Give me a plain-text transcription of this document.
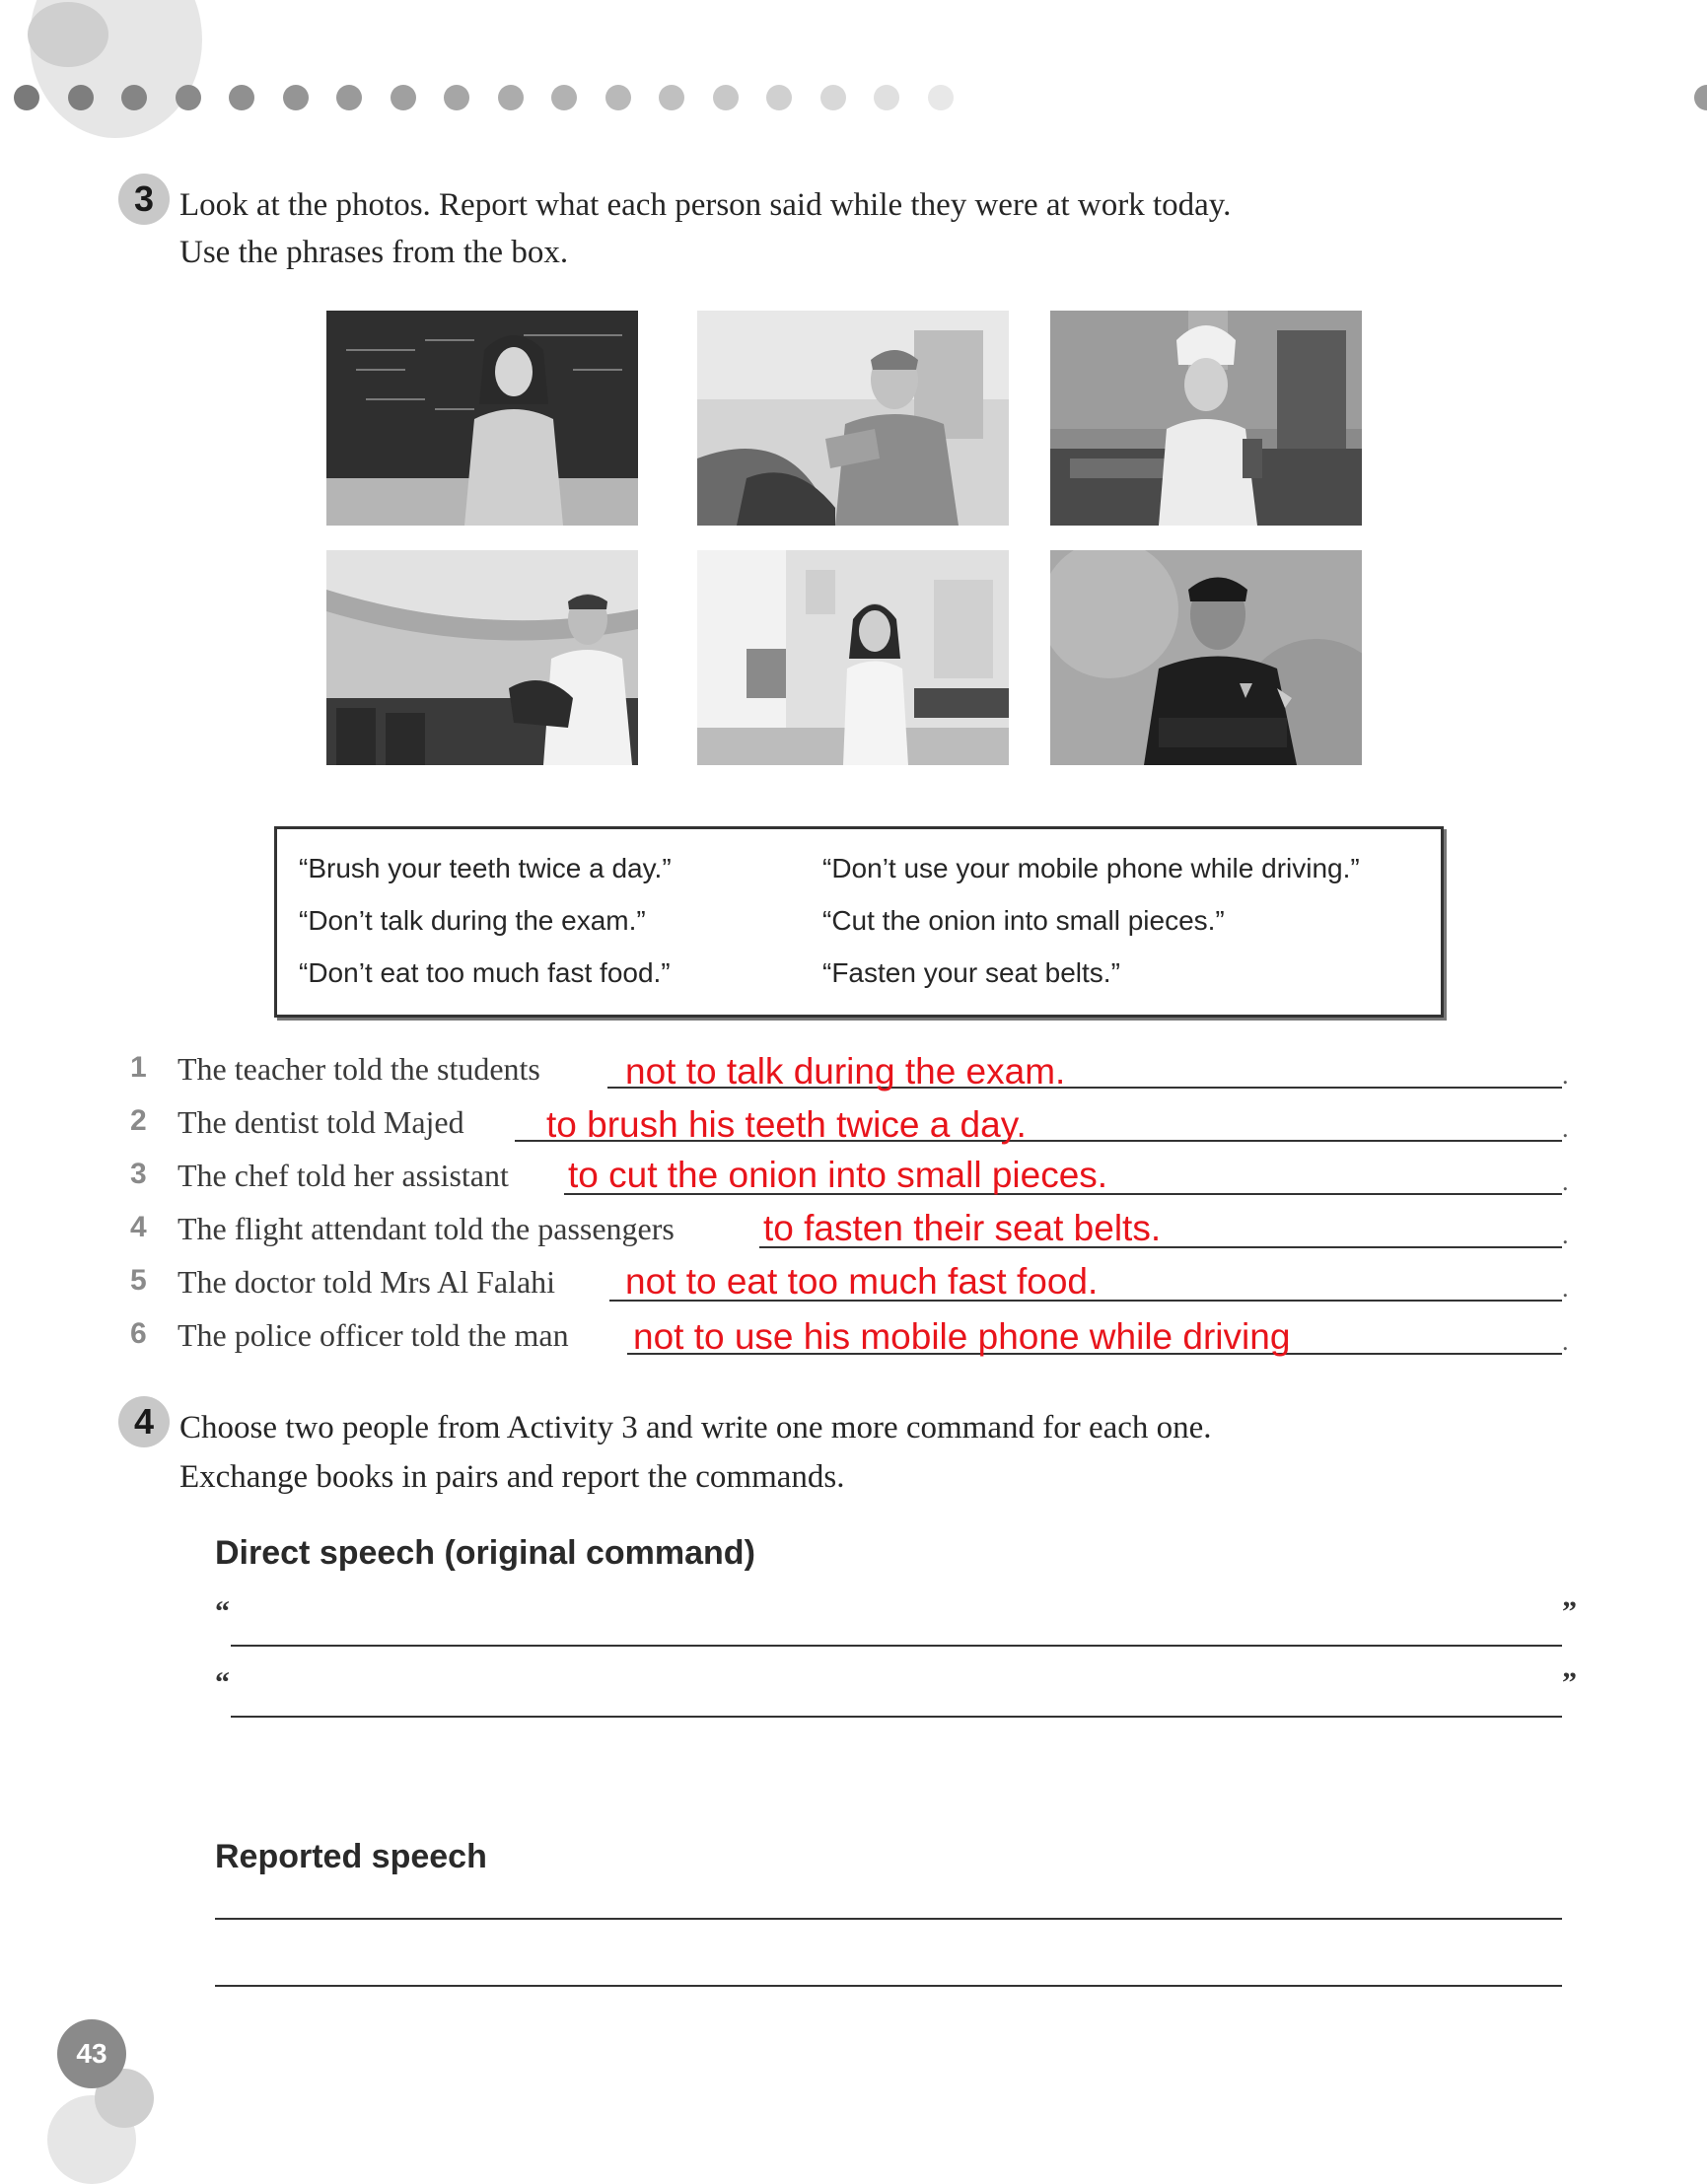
3 Look at the photos. Report what each person said while they were at work today.
Use the phrases from the box.
“Brush your teeth twice a day.”
“Don’t talk during the exam.”
“Don’t eat too much fast food.”
“Don’t use your mobile phone while driving.”
“Cut the onion into small pieces.”
“Fasten your seat belts.”
1 The teacher told the students	.
not to talk during the exam.
2 The dentist told Majed	.
to brush his teeth twice a day.
3 The chef told her assistant	.
to cut the onion into small pieces.
4 The flight attendant told the passengers	.
to fasten their seat belts.
5 The doctor told Mrs Al Falahi	.
not to eat too much fast food.
6 The police officer told the man	.
not to use his mobile phone while driving
4 Choose two people from Activity 3 and write one more command for each one.
Exchange books in pairs and report the commands.
Direct speech (original command)
“	”
“	”
Reported speech
43
